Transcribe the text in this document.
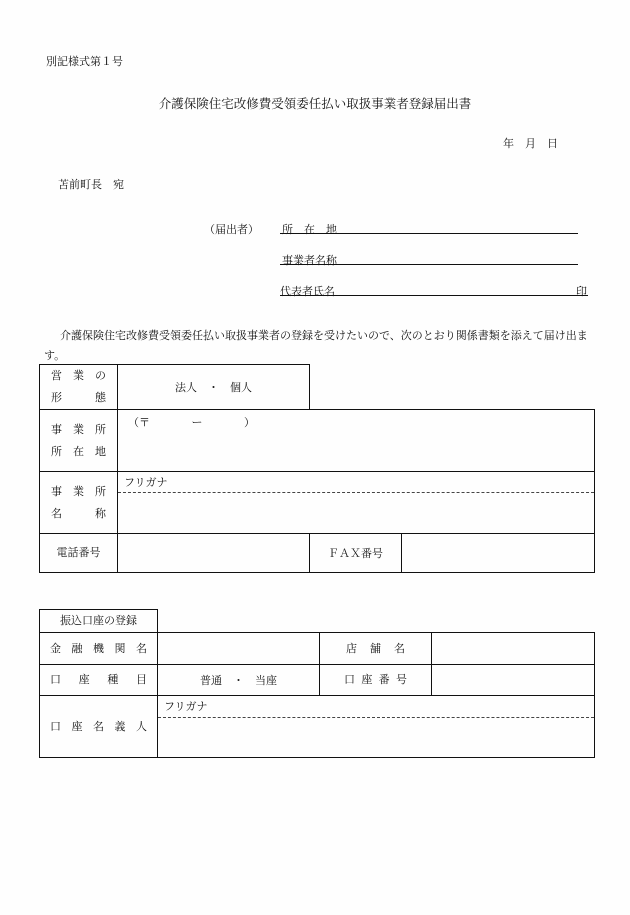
別記様式第１号
介護保険住宅改修費受領委任払い取扱事業者登録届出書
年　月　日
苫前町長　宛
（届出者） 所　在　地
事業者名称
代表者氏名	印
介護保険住宅改修費受領委任払い取扱事業者の登録を受けたいので、次のとおり関係書類を添えて届け出ます。
営　業　の
形　　　態	法人　・　個人		

事　業　所
所　在　地	（〒 ー ）		

事　業　所
名　　　称	フリガナ		

電話番号		ＦＡＸ番号	
振込口座の登録			
金融機関名		店舗名	
口座種目	普通　・　当座	口座番号	
口座名義人	フリガナ		
